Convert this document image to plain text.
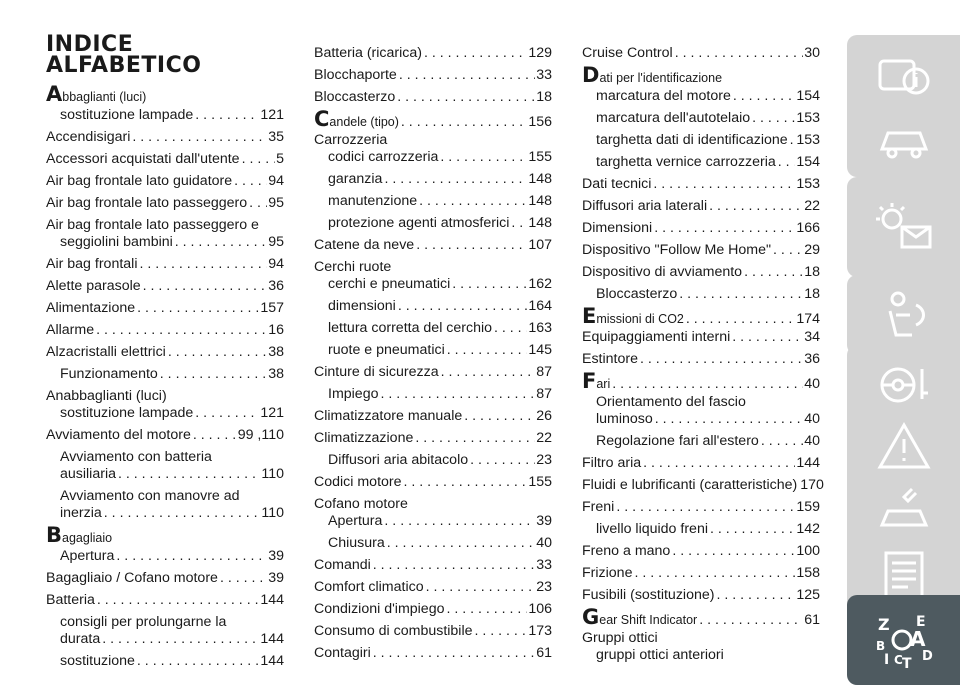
INDICE
ALFABETICO
Abbaglianti (luci)
sostituzione lampade . . .	121
Accendisigari . . .	35
Accessori acquistati dall'utente . . .	5
Air bag frontale lato guidatore . . .	94
Air bag frontale lato passeggero . . . 95
Air bag frontale lato passeggero e
seggiolini bambini . . .	95
Air bag frontali . . .	94
Alette parasole . . .	36
Alimentazione . . .	157
Allarme . . .	16
Alzacristalli elettrici . . .	38
Funzionamento . . .	38
Anabbaglianti (luci)
sostituzione lampade . . .	121
Avviamento del motore . . .	99 ,110
Avviamento con batteria
ausiliaria . . .	110
Avviamento con manovre ad
inerzia . . .	110
Bagagliaio
Apertura . . .	39
Bagagliaio / Cofano motore . . .	39
Batteria . . .	144
consigli per prolungarne la
durata . . .	144
sostituzione . . .	144
Batteria (ricarica) . . .	129
Blocchaporte . . .	33
Bloccasterzo . . .	18
C andele (tipo) . . .	156
Carrozzeria
codici carrozzeria . . .	155
garanzia . . .	148
manutenzione . . .	148
protezione agenti atmosferici . . . 148
Catene da neve . . .	107
Cerchi ruote
cerchi e pneumatici . . .	162
dimensioni . . .	164
lettura corretta del cerchio . . .	163
ruote e pneumatici . . .	145
Cinture di sicurezza . . .	87
Impiego . . .	87
Climatizzatore manuale . . .	26
Climatizzazione . . .	22
Diffusori aria abitacolo . . .	23
Codici motore . . .	155
Cofano motore
Apertura . . .	39
Chiusura . . .	40
Comandi . . .	33
Comfort climatico . . .	23
Condizioni d'impiego . . .	106
Consumo di combustibile . . .	173
Contagiri . . .	61
Cruise Control . . .	30
Dati per l'identificazione
marcatura del motore . . .	154
marcatura dell'autotelaio . . .	153
targhetta dati di identificazione . . . 153
targhetta vernice carrozzeria . . . 154
Dati tecnici . . .	153
Diffusori aria laterali . . .	22
Dimensioni . . .	166
Dispositivo "Follow Me Home" . . . 29
Dispositivo di avviamento . . .	18
Bloccasterzo . . .	18
E missioni di CO2 . . .	174
Equipaggiamenti interni . . .	34
Estintore . . .	36
F ari . . .	40
Orientamento del fascio
luminoso . . .	40
Regolazione fari all'estero . . .	40
Filtro aria . . .	144
Fluidi e lubrificanti (caratteristiche) . . . 170
Freni . . .	159
livello liquido freni . . .	142
Freno a mano . . .	100
Frizione . . .	158
Fusibili (sostituzione) . . .	125
G ear Shift Indicator . . .	61
Gruppi ottici
gruppi ottici anteriori
Z E
A
B
C D
I T
